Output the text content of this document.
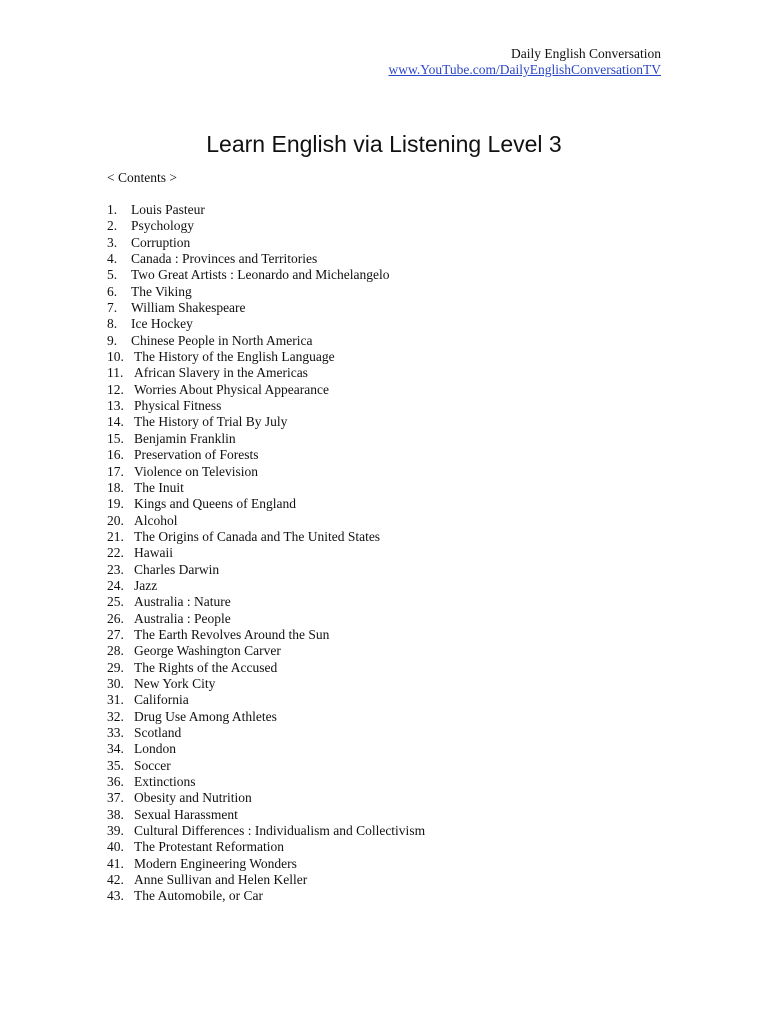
Daily English Conversation
www.YouTube.com/DailyEnglishConversationTV
Learn English via Listening Level 3
< Contents >
1. Louis Pasteur
2. Psychology
3. Corruption
4. Canada : Provinces and Territories
5. Two Great Artists : Leonardo and Michelangelo
6. The Viking
7. William Shakespeare
8. Ice Hockey
9. Chinese People in North America
10. The History of the English Language
11. African Slavery in the Americas
12. Worries About Physical Appearance
13. Physical Fitness
14. The History of Trial By July
15. Benjamin Franklin
16. Preservation of Forests
17. Violence on Television
18. The Inuit
19. Kings and Queens of England
20. Alcohol
21. The Origins of Canada and The United States
22. Hawaii
23. Charles Darwin
24. Jazz
25. Australia : Nature
26. Australia : People
27. The Earth Revolves Around the Sun
28. George Washington Carver
29. The Rights of the Accused
30. New York City
31. California
32. Drug Use Among Athletes
33. Scotland
34. London
35. Soccer
36. Extinctions
37. Obesity and Nutrition
38. Sexual Harassment
39. Cultural Differences : Individualism and Collectivism
40. The Protestant Reformation
41. Modern Engineering Wonders
42. Anne Sullivan and Helen Keller
43. The Automobile, or Car
